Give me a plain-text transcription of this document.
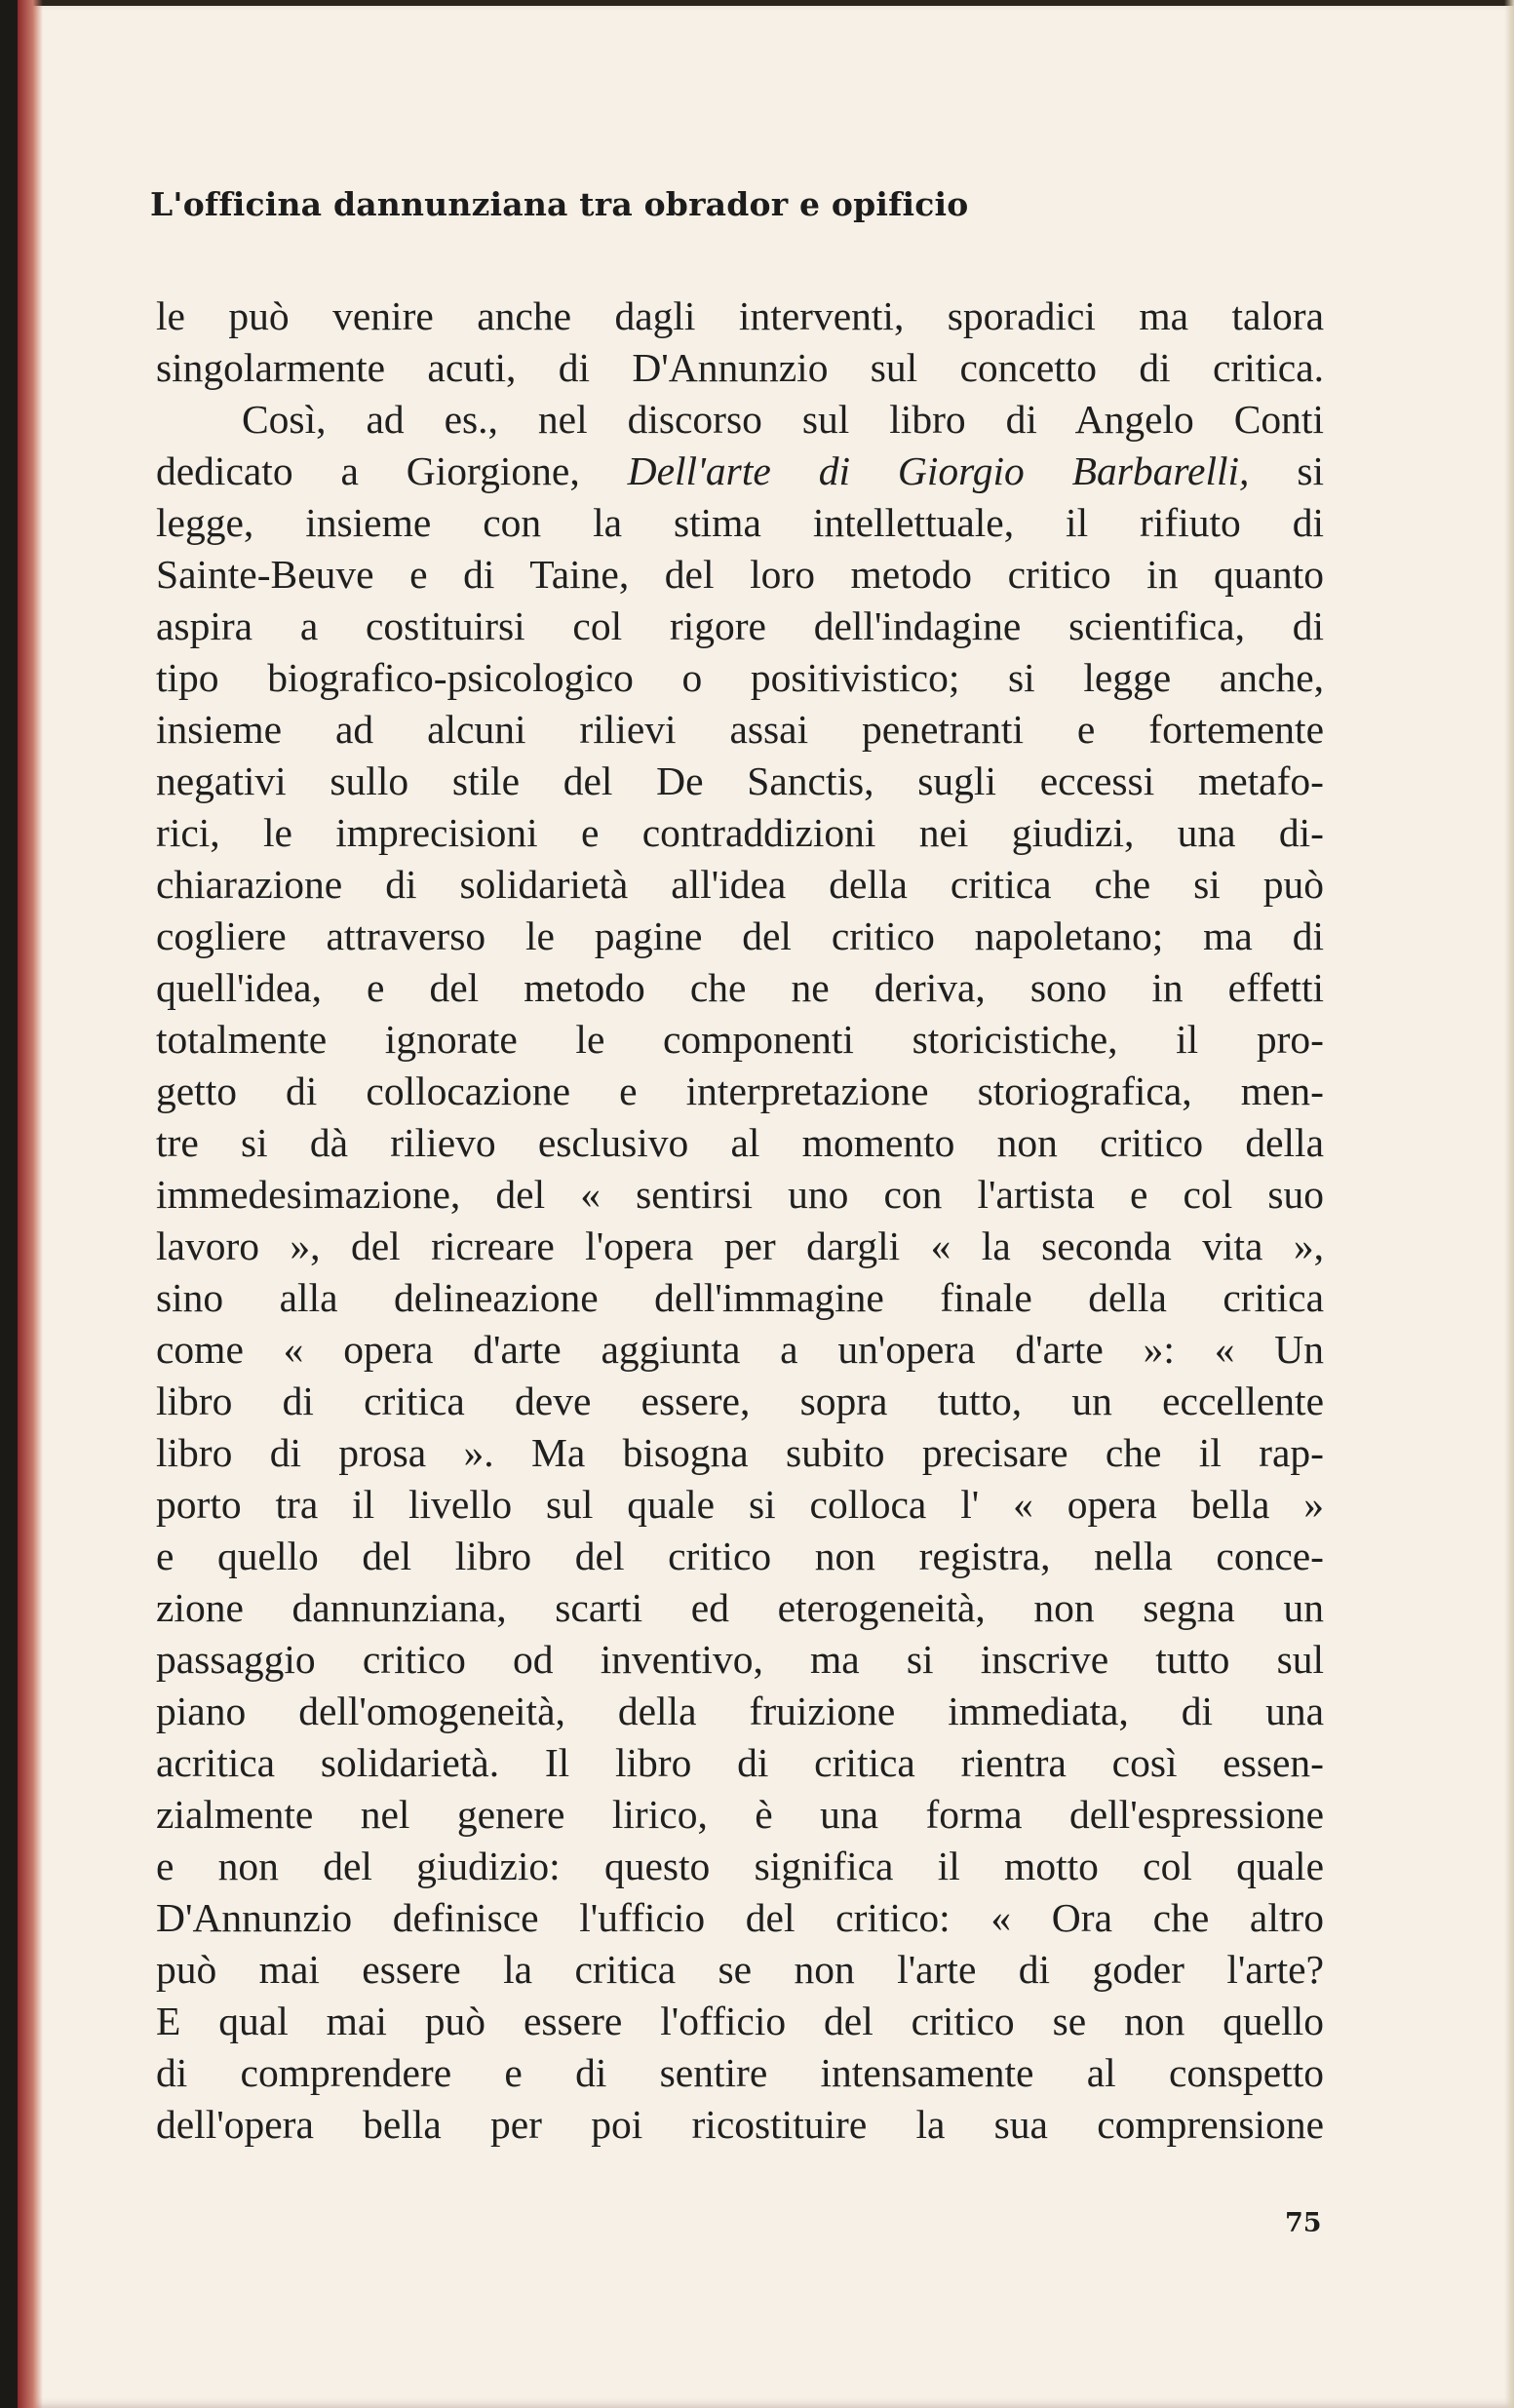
L'officina dannunziana tra obrador e opificio

le può venire anche dagli interventi, sporadici ma talora
singolarmente acuti, di D'Annunzio sul concetto di critica.
Così, ad es., nel discorso sul libro di Angelo Conti
dedicato a Giorgione, Dell'arte di Giorgio Barbarelli, si
legge, insieme con la stima intellettuale, il rifiuto di
Sainte-Beuve e di Taine, del loro metodo critico in quanto
aspira a costituirsi col rigore dell'indagine scientifica, di
tipo biografico-psicologico o positivistico; si legge anche,
insieme ad alcuni rilievi assai penetranti e fortemente
negativi sullo stile del De Sanctis, sugli eccessi metafo-
rici, le imprecisioni e contraddizioni nei giudizi, una di-
chiarazione di solidarietà all'idea della critica che si può
cogliere attraverso le pagine del critico napoletano; ma di
quell'idea, e del metodo che ne deriva, sono in effetti
totalmente ignorate le componenti storicistiche, il pro-
getto di collocazione e interpretazione storiografica, men-
tre si dà rilievo esclusivo al momento non critico della
immedesimazione, del « sentirsi uno con l'artista e col suo
lavoro », del ricreare l'opera per dargli « la seconda vita »,
sino alla delineazione dell'immagine finale della critica
come « opera d'arte aggiunta a un'opera d'arte »: « Un
libro di critica deve essere, sopra tutto, un eccellente
libro di prosa ». Ma bisogna subito precisare che il rap-
porto tra il livello sul quale si colloca l' « opera bella »
e quello del libro del critico non registra, nella conce-
zione dannunziana, scarti ed eterogeneità, non segna un
passaggio critico od inventivo, ma si inscrive tutto sul
piano dell'omogeneità, della fruizione immediata, di una
acritica solidarietà. Il libro di critica rientra così essen-
zialmente nel genere lirico, è una forma dell'espressione
e non del giudizio: questo significa il motto col quale
D'Annunzio definisce l'ufficio del critico: « Ora che altro
può mai essere la critica se non l'arte di goder l'arte?
E qual mai può essere l'officio del critico se non quello
di comprendere e di sentire intensamente al conspetto
dell'opera bella per poi ricostituire la sua comprensione

75
